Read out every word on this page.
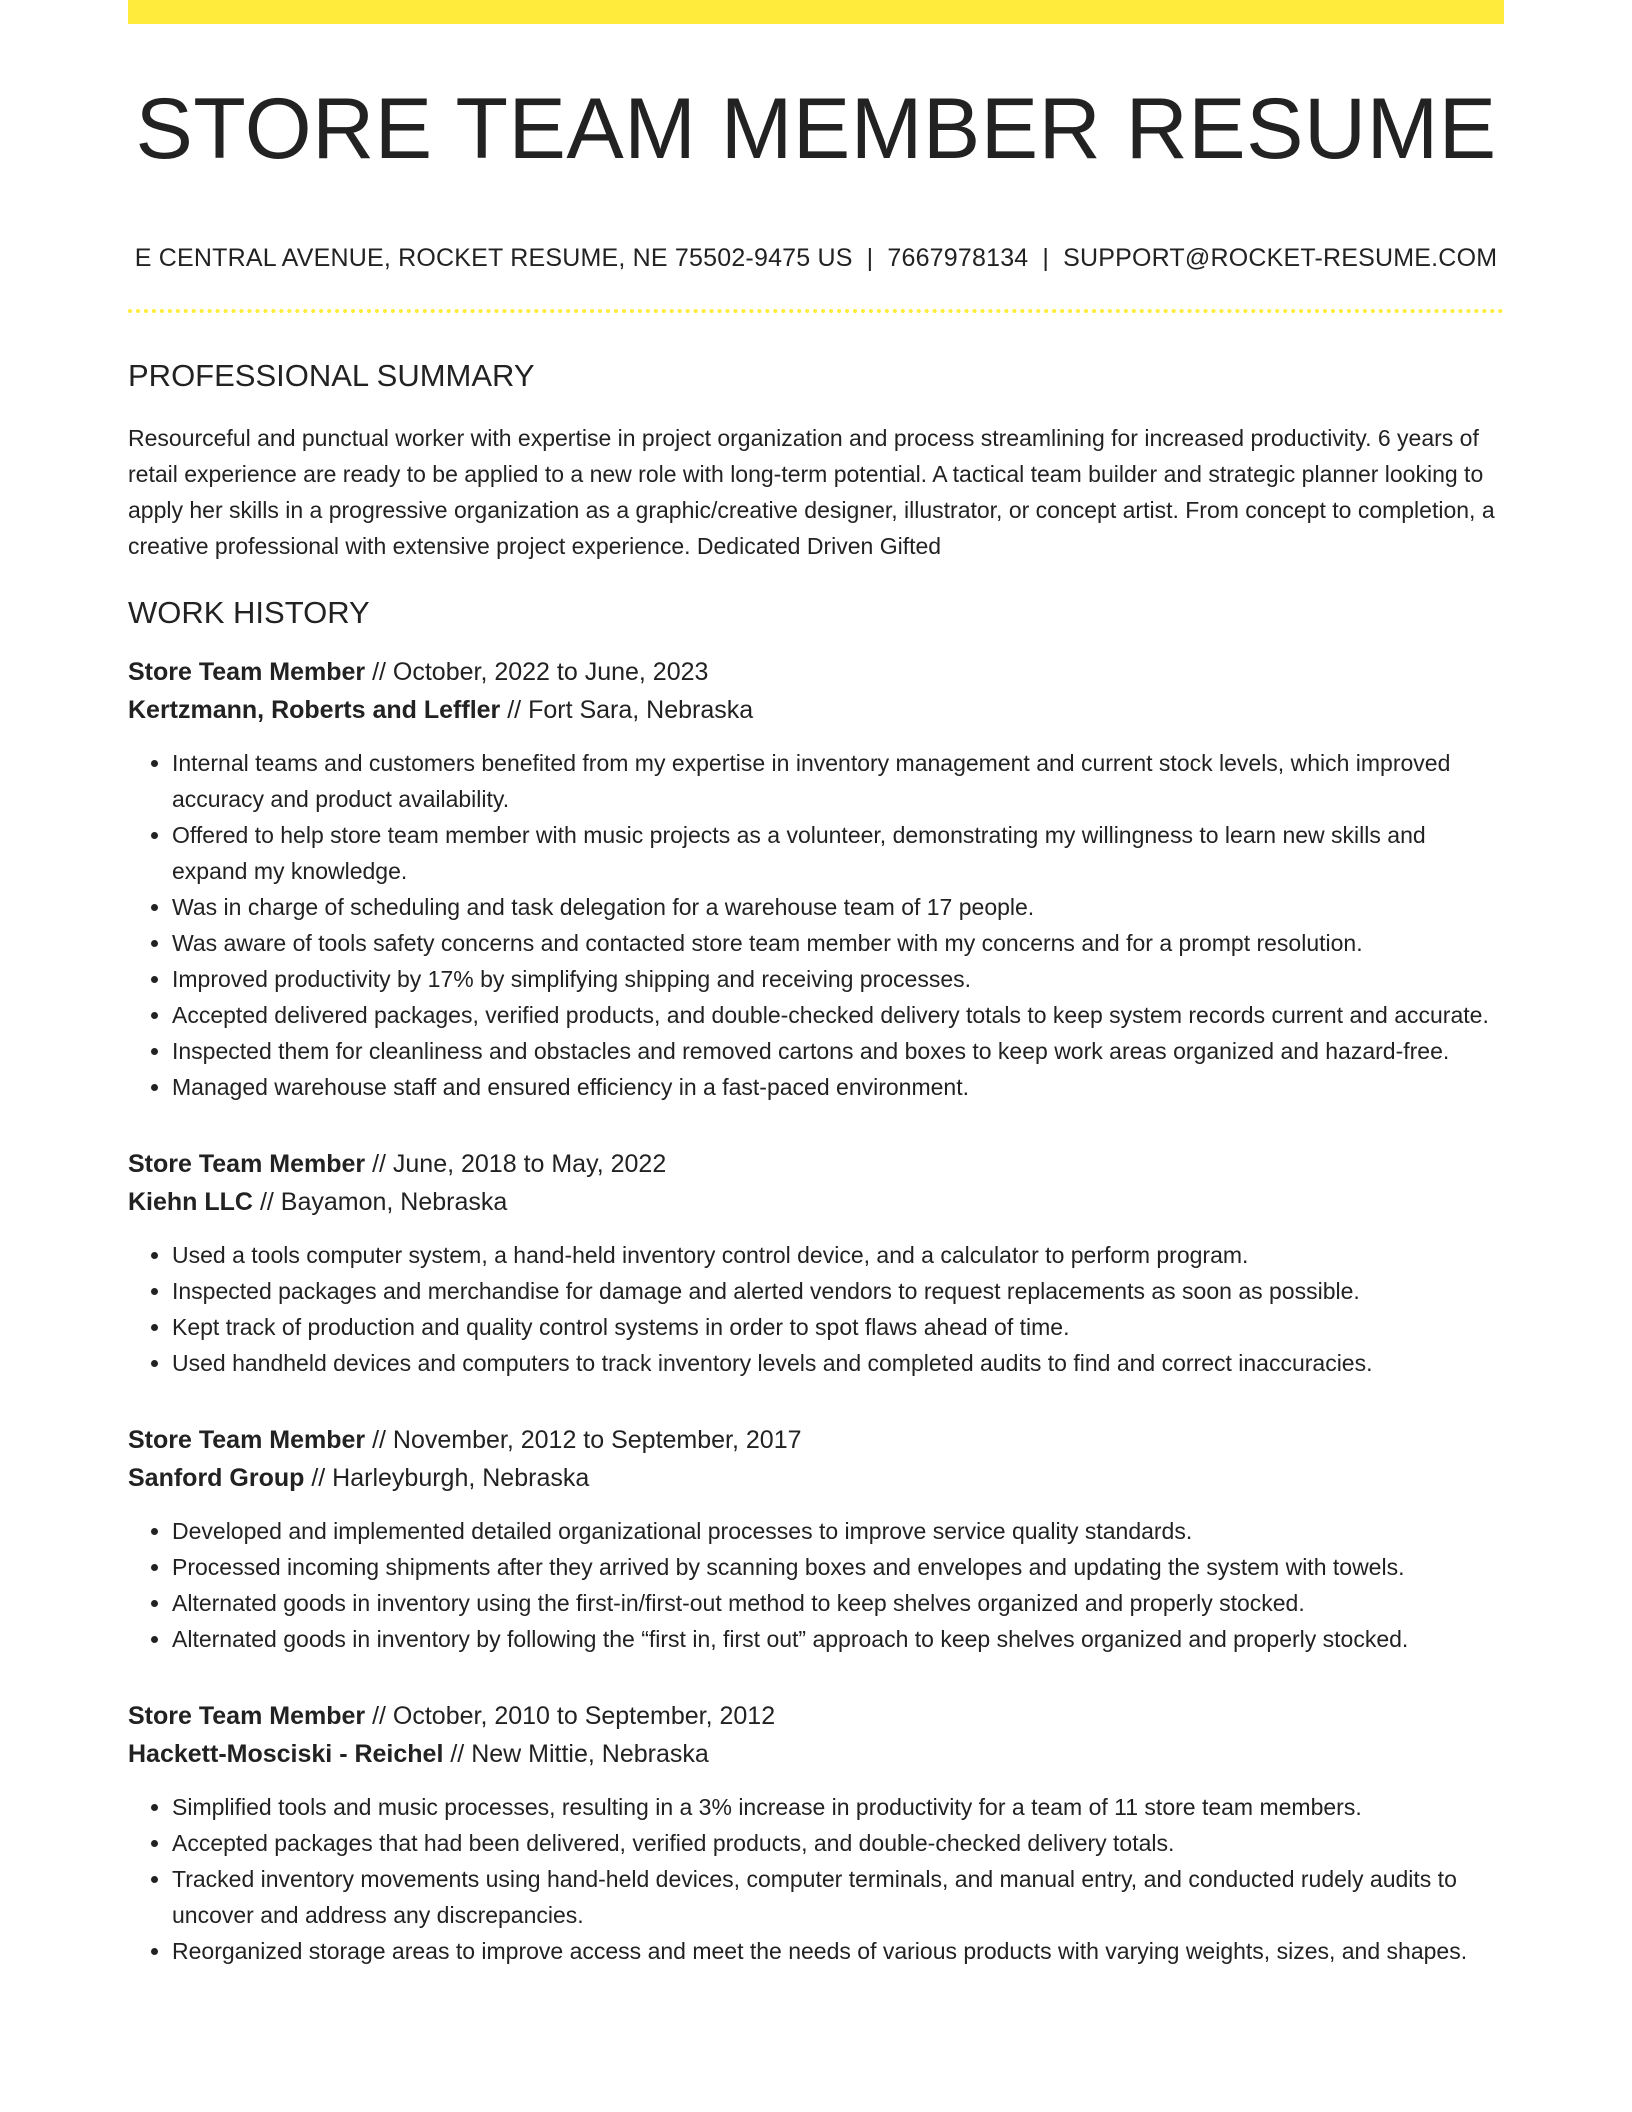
STORE TEAM MEMBER RESUME
E CENTRAL AVENUE, ROCKET RESUME, NE 75502-9475 US | 7667978134 | SUPPORT@ROCKET-RESUME.COM
PROFESSIONAL SUMMARY

Resourceful and punctual worker with expertise in project organization and process streamlining for increased productivity. 6 years of retail experience are ready to be applied to a new role with long-term potential. A tactical team builder and strategic planner looking to apply her skills in a progressive organization as a graphic/creative designer, illustrator, or concept artist. From concept to completion, a creative professional with extensive project experience. Dedicated Driven Gifted

WORK HISTORY
Store Team Member // October, 2022 to June, 2023
Kertzmann, Roberts and Leffler // Fort Sara, Nebraska
• Internal teams and customers benefited from my expertise in inventory management and current stock levels, which improved accuracy and product availability.
• Offered to help store team member with music projects as a volunteer, demonstrating my willingness to learn new skills and expand my knowledge.
• Was in charge of scheduling and task delegation for a warehouse team of 17 people.
• Was aware of tools safety concerns and contacted store team member with my concerns and for a prompt resolution.
• Improved productivity by 17% by simplifying shipping and receiving processes.
• Accepted delivered packages, verified products, and double-checked delivery totals to keep system records current and accurate.
• Inspected them for cleanliness and obstacles and removed cartons and boxes to keep work areas organized and hazard-free.
• Managed warehouse staff and ensured efficiency in a fast-paced environment.
Store Team Member // June, 2018 to May, 2022
Kiehn LLC // Bayamon, Nebraska
• Used a tools computer system, a hand-held inventory control device, and a calculator to perform program.
• Inspected packages and merchandise for damage and alerted vendors to request replacements as soon as possible.
• Kept track of production and quality control systems in order to spot flaws ahead of time.
• Used handheld devices and computers to track inventory levels and completed audits to find and correct inaccuracies.
Store Team Member // November, 2012 to September, 2017
Sanford Group // Harleyburgh, Nebraska
• Developed and implemented detailed organizational processes to improve service quality standards.
• Processed incoming shipments after they arrived by scanning boxes and envelopes and updating the system with towels.
• Alternated goods in inventory using the first-in/first-out method to keep shelves organized and properly stocked.
• Alternated goods in inventory by following the “first in, first out” approach to keep shelves organized and properly stocked.
Store Team Member // October, 2010 to September, 2012
Hackett-Mosciski - Reichel // New Mittie, Nebraska
• Simplified tools and music processes, resulting in a 3% increase in productivity for a team of 11 store team members.
• Accepted packages that had been delivered, verified products, and double-checked delivery totals.
• Tracked inventory movements using hand-held devices, computer terminals, and manual entry, and conducted rudely audits to uncover and address any discrepancies.
• Reorganized storage areas to improve access and meet the needs of various products with varying weights, sizes, and shapes.
